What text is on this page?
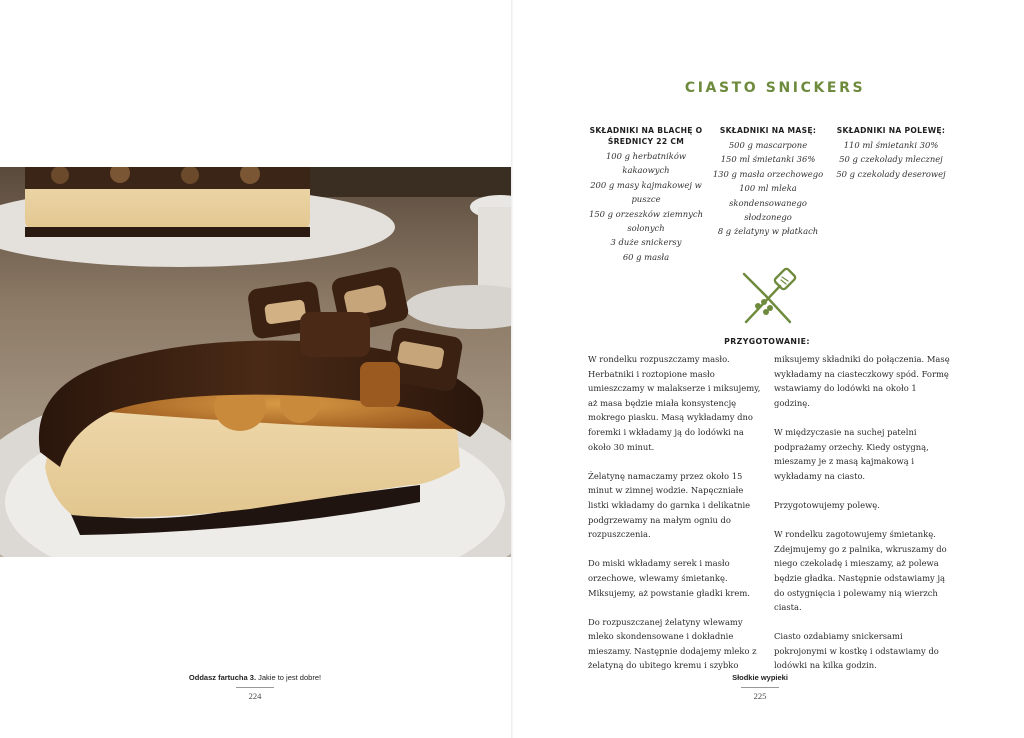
Oddasz fartucha 3. Jakie to jest dobre!
224
CIASTO SNICKERS
SKŁADNIKI NA BLACHĘ O ŚREDNICY 22 CM
100 g herbatników kakaowych
200 g masy kajmakowej w puszce
150 g orzeszków ziemnych solonych
3 duże snickersy
60 g masła
SKŁADNIKI NA MASĘ:
500 g mascarpone
150 ml śmietanki 36%
130 g masła orzechowego
100 ml mleka skondensowanego słodzonego
8 g żelatyny w płatkach
SKŁADNIKI NA POLEWĘ:
110 ml śmietanki 30%
50 g czekolady mlecznej
50 g czekolady deserowej
PRZYGOTOWANIE:

W rondelku rozpuszczamy masło. Herbatniki i roztopione masło umieszczamy w malakserze i miksujemy, aż masa będzie miała konsystencję mokrego piasku. Masą wykładamy dno foremki i wkładamy ją do lodówki na około 30 minut.

Żelatynę namaczamy przez około 15 minut w zimnej wodzie. Napęczniałe listki wkładamy do garnka i delikatnie podgrzewamy na małym ogniu do rozpuszczenia.

Do miski wkładamy serek i masło orzechowe, wlewamy śmietankę. Miksujemy, aż powstanie gładki krem.

Do rozpuszczanej żelatyny wlewamy mleko skondensowane i dokładnie mieszamy. Następnie dodajemy mleko z żelatyną do ubitego kremu i szybko

miksujemy składniki do połączenia. Masę wykładamy na ciasteczkowy spód. Formę wstawiamy do lodówki na około 1 godzinę.

W międzyczasie na suchej patelni podprażamy orzechy. Kiedy ostygną, mieszamy je z masą kajmakową i wykładamy na ciasto.

Przygotowujemy polewę.

W rondelku zagotowujemy śmietankę. Zdejmujemy go z palnika, wkruszamy do niego czekoladę i mieszamy, aż polewa będzie gładka. Następnie odstawiamy ją do ostygnięcia i polewamy nią wierzch ciasta.

Ciasto ozdabiamy snickersami pokrojonymi w kostkę i odstawiamy do lodówki na kilka godzin.

Słodkie wypieki
225
